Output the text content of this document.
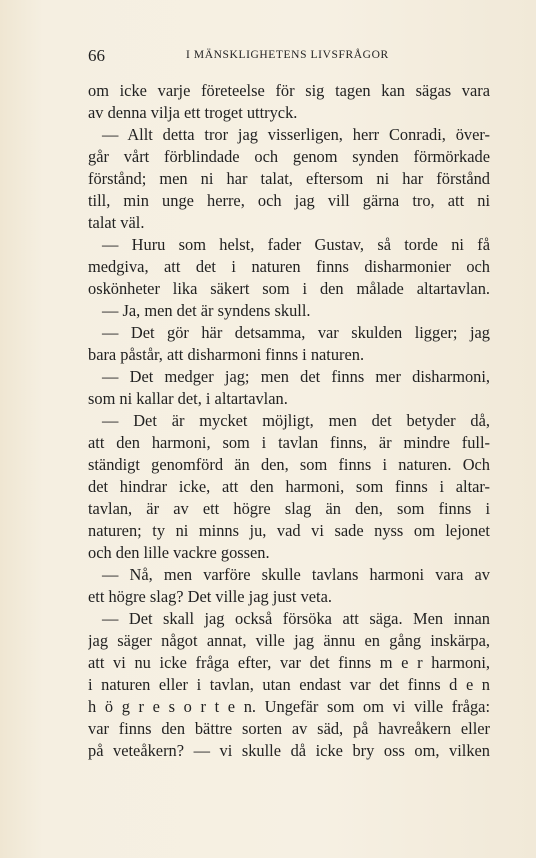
66	I MÄNSKLIGHETENS LIVSFRÅGOR
om icke varje företeelse för sig tagen kan sägas vara
av denna vilja ett troget uttryck.
— Allt detta tror jag visserligen, herr Conradi, över-
går vårt förblindade och genom synden förmörkade
förstånd; men ni har talat, eftersom ni har förstånd
till, min unge herre, och jag vill gärna tro, att ni
talat väl.
— Huru som helst, fader Gustav, så torde ni få
medgiva, att det i naturen finns disharmonier och
oskönheter lika säkert som i den målade altartavlan.
— Ja, men det är syndens skull.
— Det gör här detsamma, var skulden ligger; jag
bara påstår, att disharmoni finns i naturen.
— Det medger jag; men det finns mer disharmoni,
som ni kallar det, i altartavlan.
— Det är mycket möjligt, men det betyder då,
att den harmoni, som i tavlan finns, är mindre full-
ständigt genomförd än den, som finns i naturen. Och
det hindrar icke, att den harmoni, som finns i altar-
tavlan, är av ett högre slag än den, som finns i
naturen; ty ni minns ju, vad vi sade nyss om lejonet
och den lille vackre gossen.
— Nå, men varföre skulle tavlans harmoni vara av
ett högre slag? Det ville jag just veta.
— Det skall jag också försöka att säga. Men innan
jag säger något annat, ville jag ännu en gång inskärpa,
att vi nu icke fråga efter, var det finns m e r harmoni,
i naturen eller i tavlan, utan endast var det finns d e n
h ö g r e s o r t e n. Ungefär som om vi ville fråga:
var finns den bättre sorten av säd, på havreåkern eller
på veteåkern? — vi skulle då icke bry oss om, vilken
